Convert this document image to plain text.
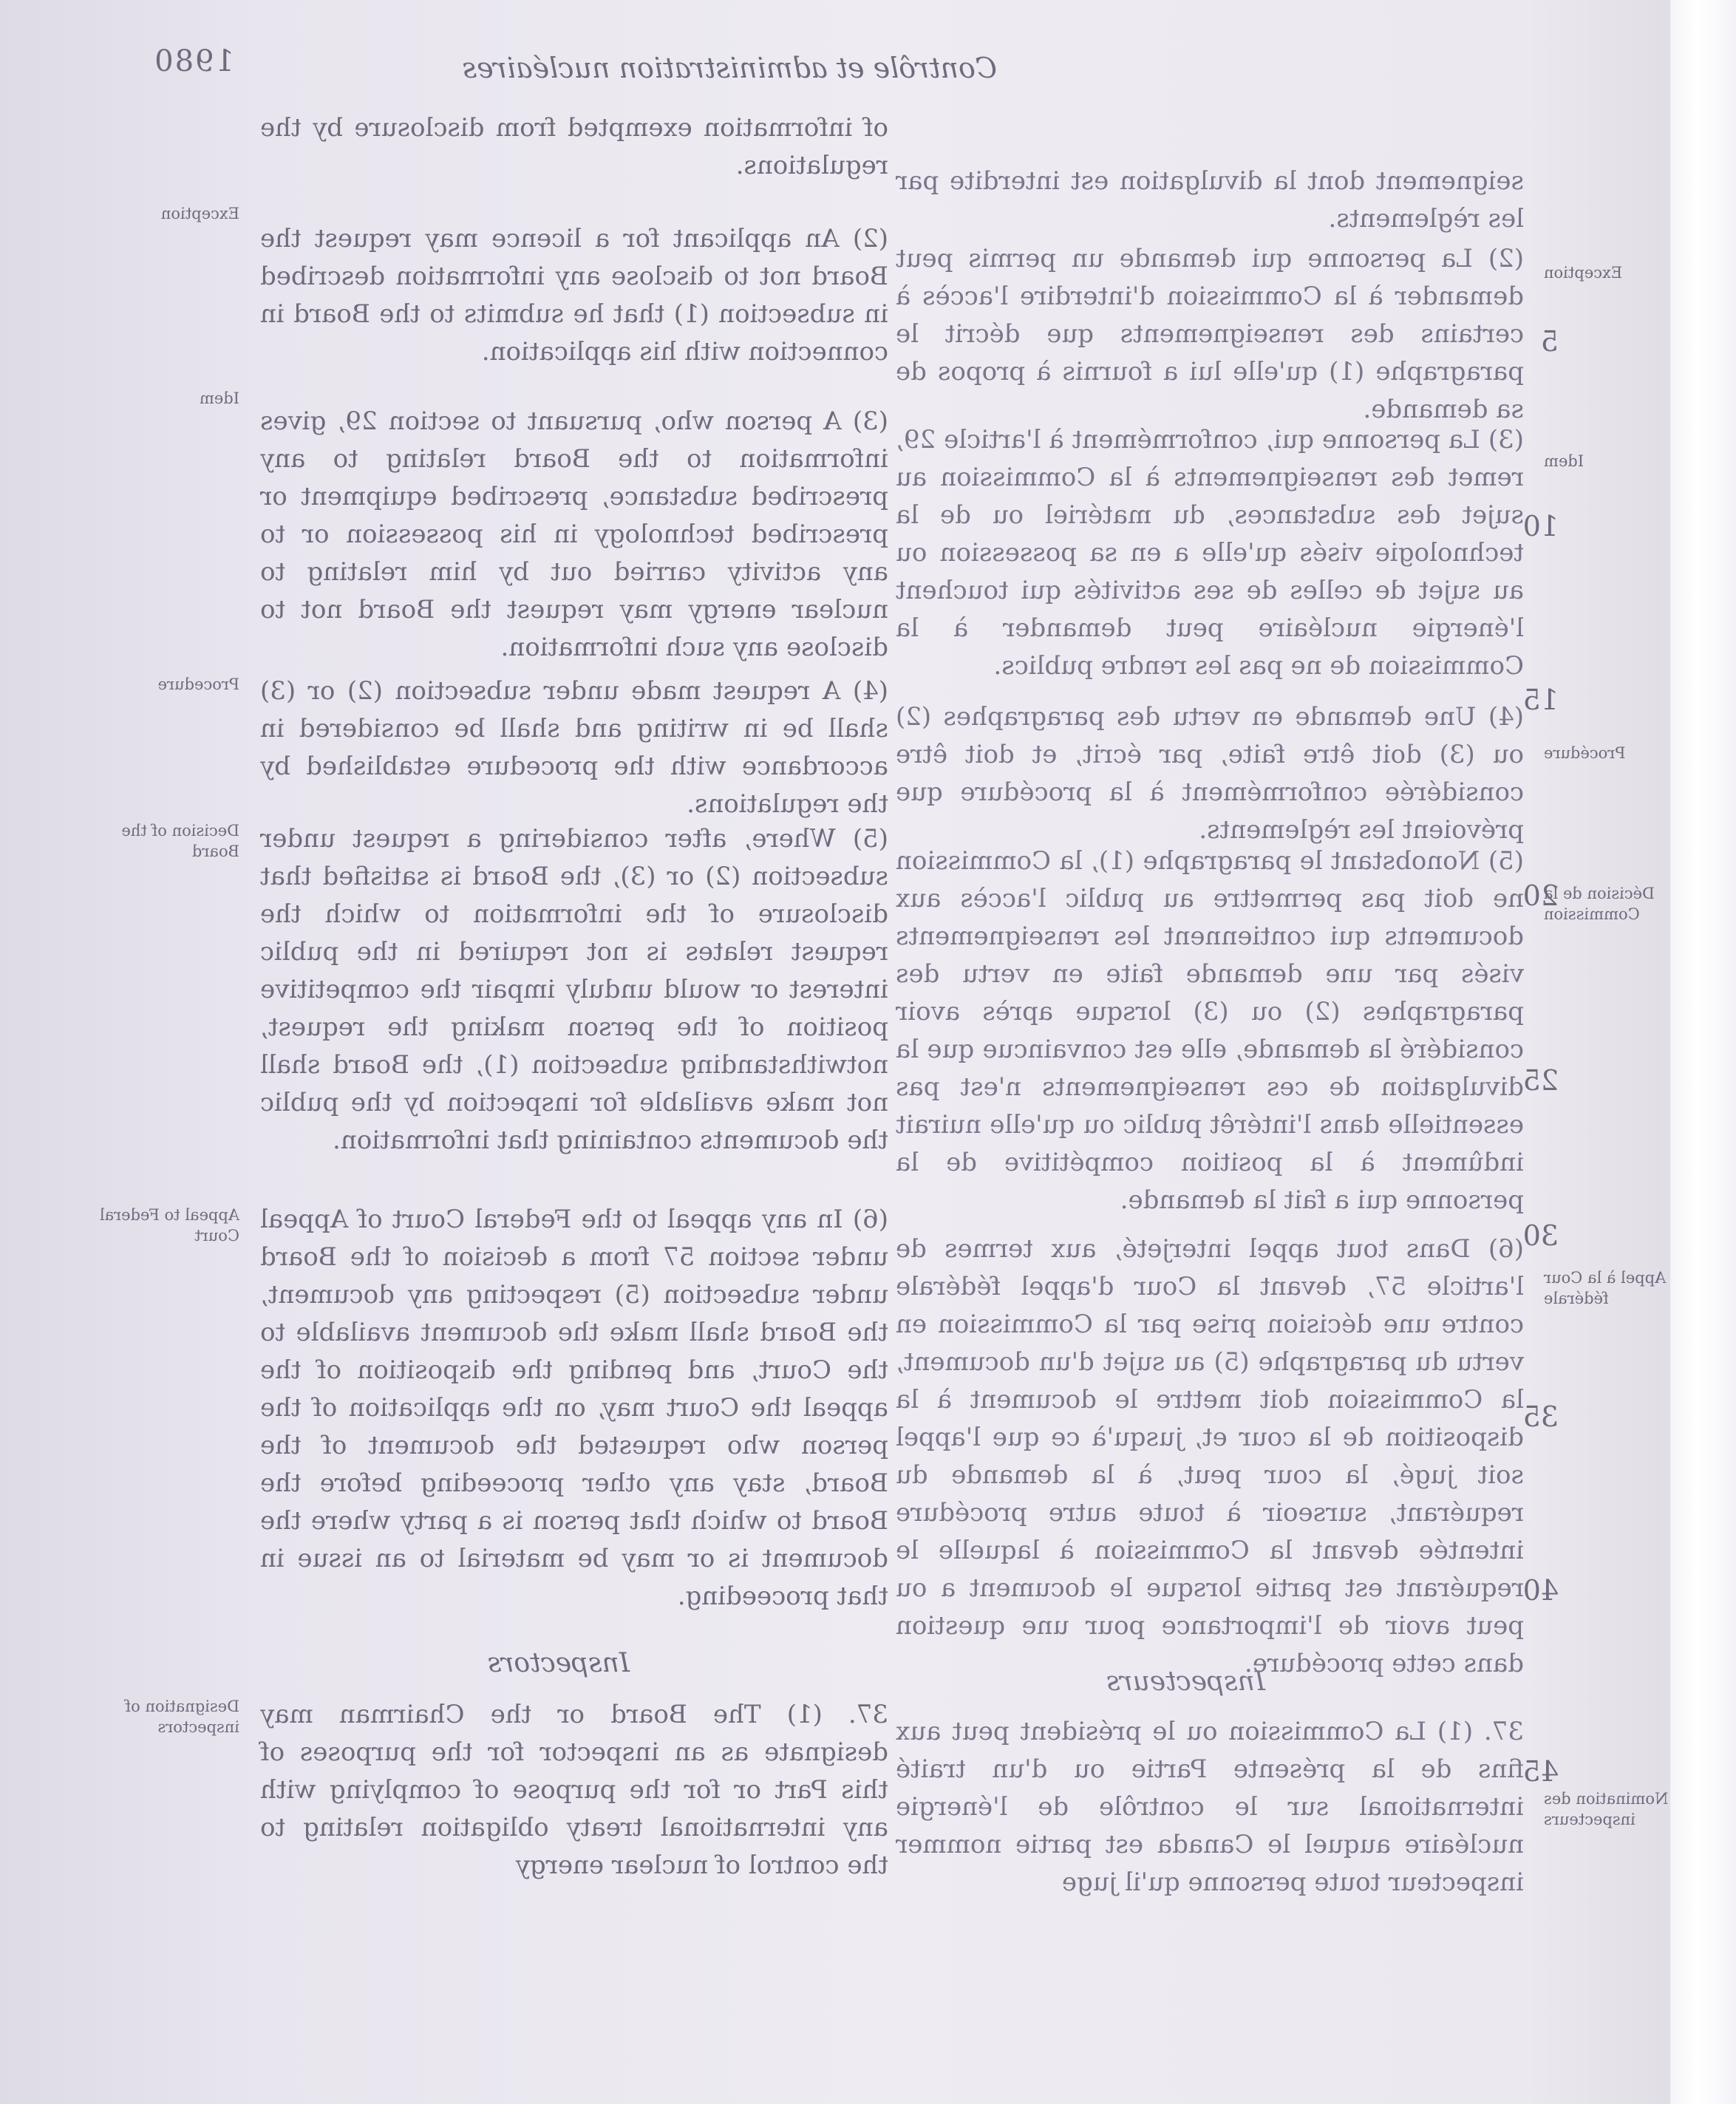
1980	Contrôle et administration nucléaires
of information exempted from disclosure by the regulations.
(2) An applicant for a licence may request the Board not to disclose any information described in subsection (1) that he submits to the Board in connection with his application.
(3) A person who, pursuant to section 29, gives information to the Board relating to any prescribed substance, prescribed equipment or prescribed technology in his possession or to any activity carried out by him relating to nuclear energy may request the Board not to disclose any such information.
(4) A request made under subsection (2) or (3) shall be in writing and shall be considered in accordance with the procedure established by the regulations.
(5) Where, after considering a request under subsection (2) or (3), the Board is satisfied that disclosure of the information to which the request relates is not required in the public interest or would unduly impair the competitive position of the person making the request, notwithstanding subsection (1), the Board shall not make available for inspection by the public the documents containing that information.
(6) In any appeal to the Federal Court of Appeal under section 57 from a decision of the Board under subsection (5) respecting any document, the Board shall make the document available to the Court, and pending the disposition of the appeal the Court may, on the application of the person who requested the document of the Board, stay any other proceeding before the Board to which that person is a party where the document is or may be material to an issue in that proceeding.
Inspectors
37. (1) The Board or the Chairman may designate as an inspector for the purposes of this Part or for the purpose of complying with any international treaty obligation relating to the control of nuclear energy
seignement dont la divulgation est interdite par les règlements.
(2) La personne qui demande un permis peut demander à la Commission d'interdire l'accès à certains des renseignements que décrit le paragraphe (1) qu'elle lui a fournis à propos de sa demande.
(3) La personne qui, conformément à l'article 29, remet des renseignements à la Commission au sujet des substances, du matériel ou de la technologie visés qu'elle a en sa possession ou au sujet de celles de ses activités qui touchent l'énergie nucléaire peut demander à la Commission de ne pas les rendre publics.
(4) Une demande en vertu des paragraphes (2) ou (3) doit être faite, par écrit, et doit être considérée conformément à la procédure que prévoient les règlements.
(5) Nonobstant le paragraphe (1), la Commission ne doit pas permettre au public l'accès aux documents qui contiennent les renseignements visés par une demande faite en vertu des paragraphes (2) ou (3) lorsque après avoir considéré la demande, elle est convaincue que la divulgation de ces renseignements n'est pas essentielle dans l'intérêt public ou qu'elle nuirait indûment à la position compétitive de la personne qui a fait la demande.
(6) Dans tout appel interjeté, aux termes de l'article 57, devant la Cour d'appel fédérale contre une décision prise par la Commission en vertu du paragraphe (5) au sujet d'un document, la Commission doit mettre le document à la disposition de la cour et, jusqu'à ce que l'appel soit jugé, la cour peut, à la demande du requérant, surseoir à toute autre procédure intentée devant la Commission à laquelle le requérant est partie lorsque le document a ou peut avoir de l'importance pour une question dans cette procédure.
Inspecteurs
37. (1) La Commission ou le président peut aux fins de la présente Partie ou d'un traité international sur le contrôle de l'énergie nucléaire auquel le Canada est partie nommer inspecteur toute personne qu'il juge
Exception
Idem
Procedure
Decision of the Board
Appeal to Federal Court
Designation of inspectors
Exception
Idem
Procédure
Décision de la Commission
Appel à la Cour fédérale
Nomination des inspecteurs
5
10
15
20
25
30
35
40
45
